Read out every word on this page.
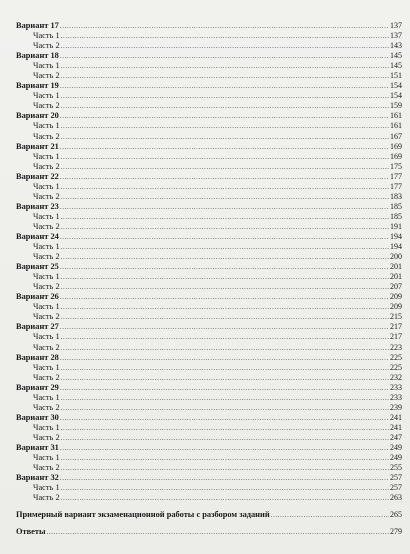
Вариант 17 .....	137
Часть 1 .....	137
Часть 2 .....	143
Вариант 18 .....	145
Часть 1 .....	145
Часть 2 .....	151
Вариант 19 .....	154
Часть 1 .....	154
Часть 2 .....	159
Вариант 20 .....	161
Часть 1 .....	161
Часть 2 .....	167
Вариант 21 .....	169
Часть 1 .....	169
Часть 2 .....	175
Вариант 22 .....	177
Часть 1 .....	177
Часть 2 .....	183
Вариант 23 .....	185
Часть 1 .....	185
Часть 2 .....	191
Вариант 24 .....	194
Часть 1 .....	194
Часть 2 .....	200
Вариант 25 .....	201
Часть 1 .....	201
Часть 2 .....	207
Вариант 26 .....	209
Часть 1 .....	209
Часть 2 .....	215
Вариант 27 .....	217
Часть 1 .....	217
Часть 2 .....	223
Вариант 28 .....	225
Часть 1 .....	225
Часть 2 .....	232
Вариант 29 .....	233
Часть 1 .....	233
Часть 2 .....	239
Вариант 30 .....	241
Часть 1 .....	241
Часть 2 .....	247
Вариант 31 .....	249
Часть 1 .....	249
Часть 2 .....	255
Вариант 32 .....	257
Часть 1 .....	257
Часть 2 .....	263
Примерный вариант экзаменационной работы с разбором заданий .....	265
Ответы .....	279
